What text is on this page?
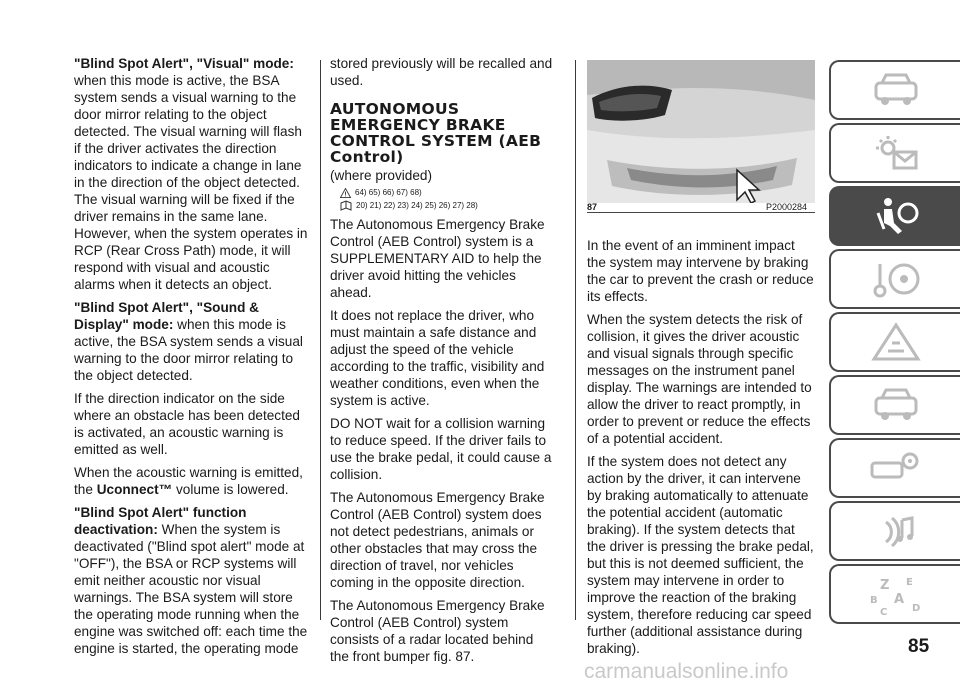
"Blind Spot Alert", "Visual" mode:
when this mode is active, the BSA system sends a visual warning to the door mirror relating to the object detected. The visual warning will flash if the driver activates the direction indicators to indicate a change in lane in the direction of the object detected. The visual warning will be fixed if the driver remains in the same lane. However, when the system operates in RCP (Rear Cross Path) mode, it will respond with visual and acoustic alarms when it detects an object.

"Blind Spot Alert", "Sound & Display" mode: when this mode is active, the BSA system sends a visual warning to the door mirror relating to the object detected.

If the direction indicator on the side where an obstacle has been detected is activated, an acoustic warning is emitted as well.

When the acoustic warning is emitted, the Uconnect™ volume is lowered.

"Blind Spot Alert" function deactivation: When the system is deactivated ("Blind spot alert" mode at "OFF"), the BSA or RCP systems will emit neither acoustic nor visual warnings. The BSA system will store the operating mode running when the engine was switched off: each time the engine is started, the operating mode

stored previously will be recalled and used.

AUTONOMOUS EMERGENCY BRAKE CONTROL SYSTEM (AEB Control)
(where provided)
64) 65) 66) 67) 68)
20) 21) 22) 23) 24) 25) 26) 27) 28)

The Autonomous Emergency Brake Control (AEB Control) system is a SUPPLEMENTARY AID to help the driver avoid hitting the vehicles ahead.

It does not replace the driver, who must maintain a safe distance and adjust the speed of the vehicle according to the traffic, visibility and weather conditions, even when the system is active.

DO NOT wait for a collision warning to reduce speed. If the driver fails to use the brake pedal, it could cause a collision.

The Autonomous Emergency Brake Control (AEB Control) system does not detect pedestrians, animals or other obstacles that may cross the direction of travel, nor vehicles coming in the opposite direction.

The Autonomous Emergency Brake Control (AEB Control) system consists of a radar located behind the front bumper fig. 87.

87	P2000284

In the event of an imminent impact the system may intervene by braking the car to prevent the crash or reduce its effects.

When the system detects the risk of collision, it gives the driver acoustic and visual signals through specific messages on the instrument panel display. The warnings are intended to allow the driver to react promptly, in order to prevent or reduce the effects of a potential accident.

If the system does not detect any action by the driver, it can intervene by braking automatically to attenuate the potential accident (automatic braking). If the system detects that the driver is pressing the brake pedal, but this is not deemed sufficient, the system may intervene in order to improve the reaction of the braking system, therefore reducing car speed further (additional assistance during braking).

Z E
B A
C D
85
carmanualsonline.info
